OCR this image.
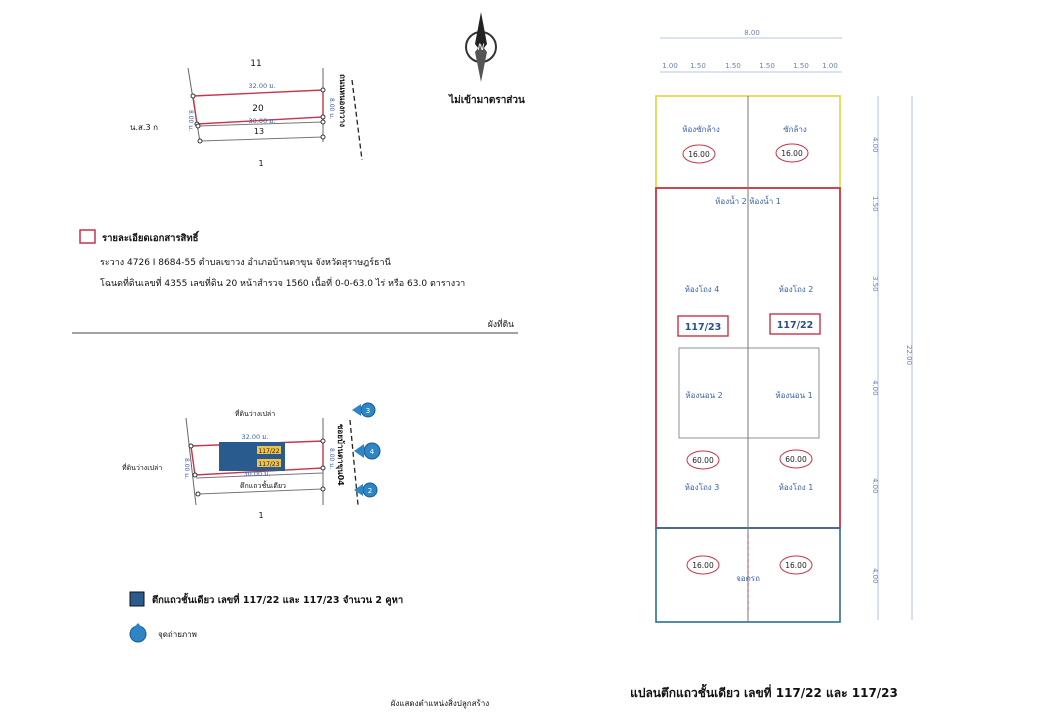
N
ไม่เข้ามาตราส่วน
11
20
13
1
น.ส.3 ก
32.00 ม.
30.00 ม.
8.00 ม.
8.00 ม. ถนนหนองกวาง
รายละเอียดเอกสารสิทธิ์
ระวาง 4726 I 8684-55 ตำบลเขาวง อำเภอบ้านตาขุน จังหวัดสุราษฎร์ธานี
โฉนดที่ดินเลขที่ 4355 เลขที่ดิน 20 หน้าสำรวจ 1560 เนื้อที่ 0-0-63.0 ไร่ หรือ 63.0 ตารางวา
ผังที่ดิน
117/22
117/23
ที่ดินว่างเปล่า
ที่ดินว่างเปล่า
ตึกแถวชั้นเดียว
1
32.00 ม.
30.00 ม.
8.00 ม.	8.00 ม. ซอยบ้านตาขุน04
3
4
2
ตึกแถวชั้นเดียว เลขที่ 117/22 และ 117/23 จำนวน 2 คูหา
จุดถ่ายภาพ
ผังแสดงตำแหน่งสิ่งปลูกสร้าง
8.00
1.00 1.50	1.50	1.50	1.50 1.00
22.00
4.00
1.50
3.50
4.00
4.00
4.00
ห้องซักล้าง	ซักล้าง
ห้องน้ำ 2 ห้องน้ำ 1
ห้องโถง 4	ห้องโถง 2
ห้องนอน 2	ห้องนอน 1
ห้องโถง 3	ห้องโถง 1
จอดรถ
117/23	117/22
16.00	16.00
60.00	60.00
16.00	16.00
แปลนตึกแถวชั้นเดียว เลขที่ 117/22 และ 117/23
